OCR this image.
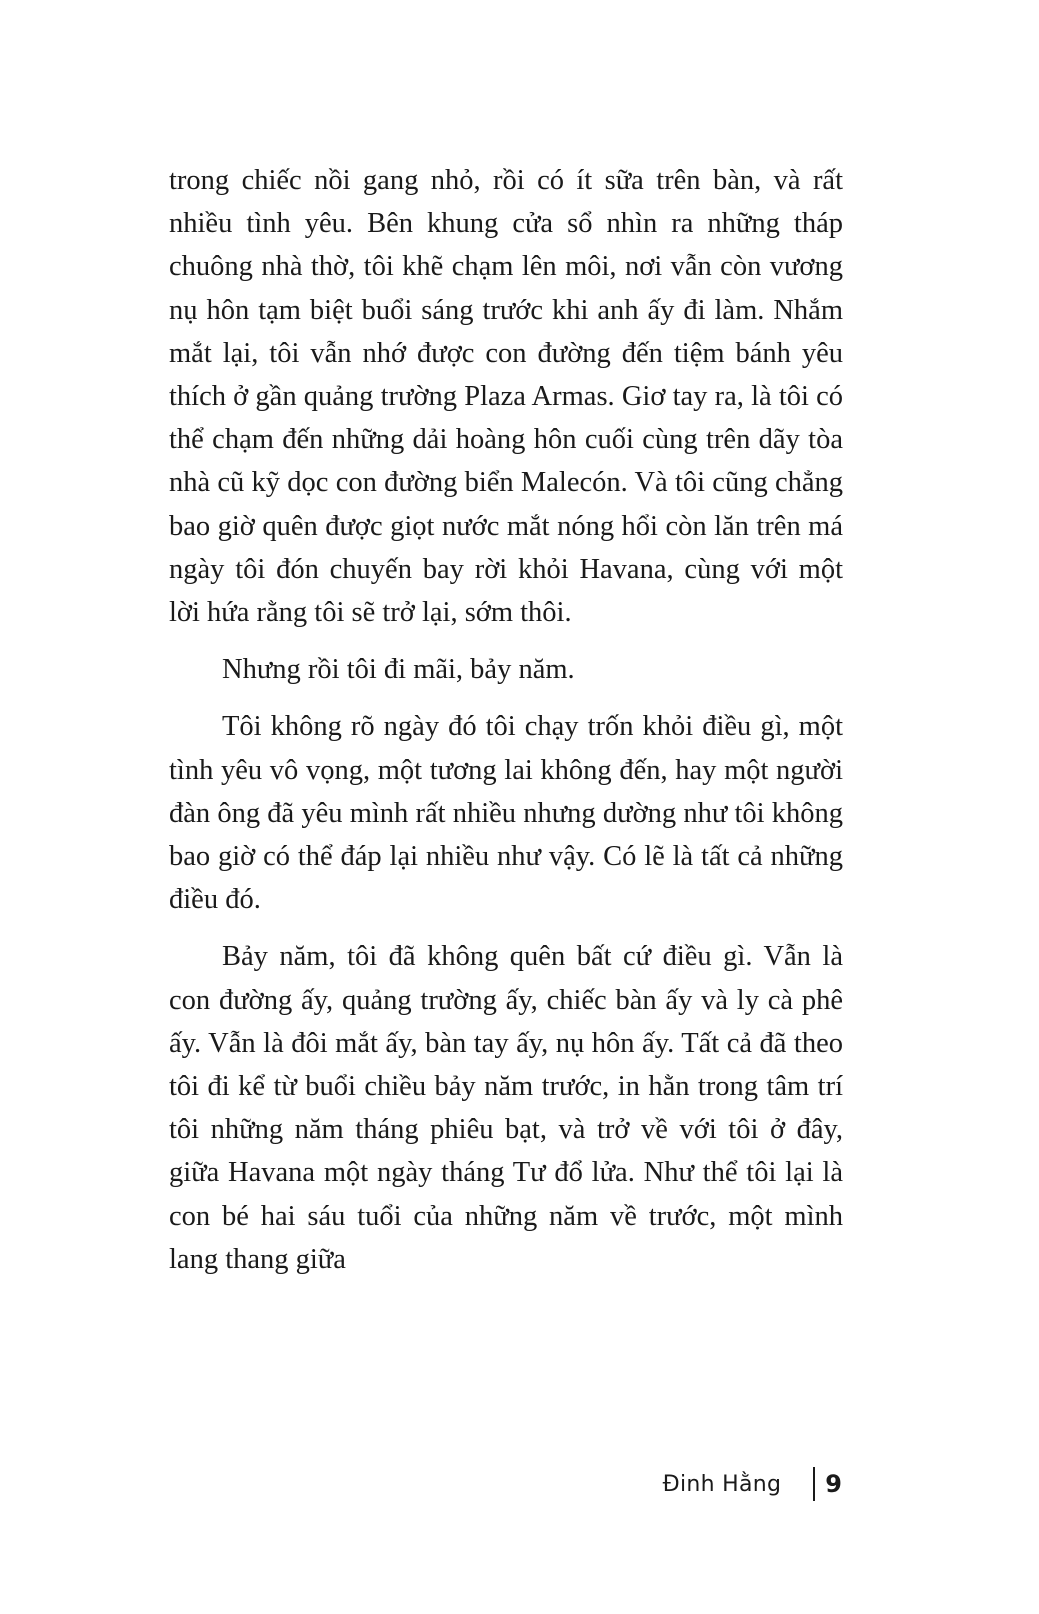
trong chiếc nồi gang nhỏ, rồi có ít sữa trên bàn, và rất nhiều tình yêu. Bên khung cửa sổ nhìn ra những tháp chuông nhà thờ, tôi khẽ chạm lên môi, nơi vẫn còn vương nụ hôn tạm biệt buổi sáng trước khi anh ấy đi làm. Nhắm mắt lại, tôi vẫn nhớ được con đường đến tiệm bánh yêu thích ở gần quảng trường Plaza Armas. Giơ tay ra, là tôi có thể chạm đến những dải hoàng hôn cuối cùng trên dãy tòa nhà cũ kỹ dọc con đường biển Malecón. Và tôi cũng chẳng bao giờ quên được giọt nước mắt nóng hổi còn lăn trên má ngày tôi đón chuyến bay rời khỏi Havana, cùng với một lời hứa rằng tôi sẽ trở lại, sớm thôi.

Nhưng rồi tôi đi mãi, bảy năm.

Tôi không rõ ngày đó tôi chạy trốn khỏi điều gì, một tình yêu vô vọng, một tương lai không đến, hay một người đàn ông đã yêu mình rất nhiều nhưng dường như tôi không bao giờ có thể đáp lại nhiều như vậy. Có lẽ là tất cả những điều đó.

Bảy năm, tôi đã không quên bất cứ điều gì. Vẫn là con đường ấy, quảng trường ấy, chiếc bàn ấy và ly cà phê ấy. Vẫn là đôi mắt ấy, bàn tay ấy, nụ hôn ấy. Tất cả đã theo tôi đi kể từ buổi chiều bảy năm trước, in hằn trong tâm trí tôi những năm tháng phiêu bạt, và trở về với tôi ở đây, giữa Havana một ngày tháng Tư đổ lửa. Như thể tôi lại là con bé hai sáu tuổi của những năm về trước, một mình lang thang giữa

Đinh Hằng 9
